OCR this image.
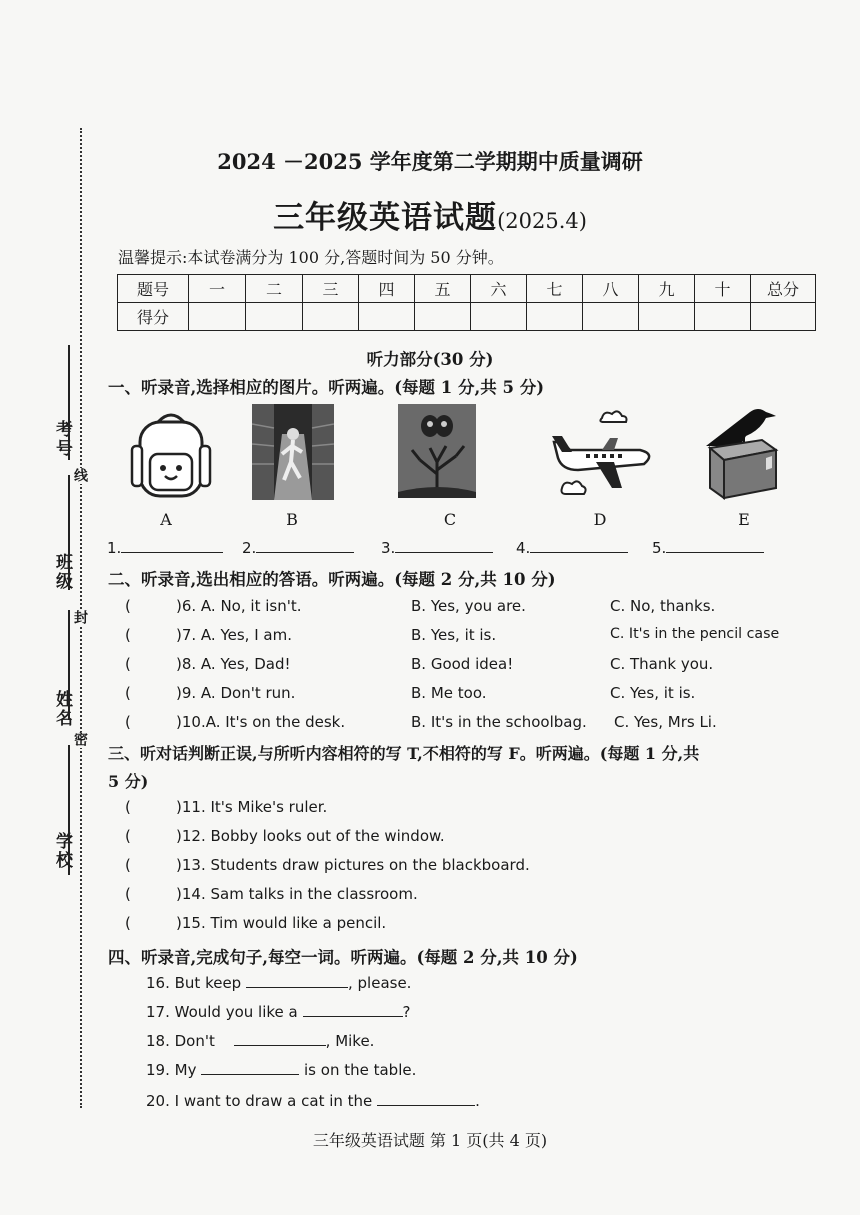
考号
班级
姓名
学校
线
封
密
2024 －2025 学年度第二学期期中质量调研
三年级英语试题(2025.4)
温馨提示:本试卷满分为 100 分,答题时间为 50 分钟。
题号	一	二	三	四	五	六	七	八	九	十	总分
得分											
听力部分(30 分)
一、听录音,选择相应的图片。听两遍。(每题 1 分,共 5 分)
A	B	C	D	E
1.	2.	3.	4.	5.
二、听录音,选出相应的答语。听两遍。(每题 2 分,共 10 分)
(	)6. A. No, it isn't.	B. Yes, you are.	C. No, thanks.
(	)7. A. Yes, I am.	B. Yes, it is.	C. It's in the pencil case
(	)8. A. Yes, Dad!	B. Good idea!	C. Thank you.
(	)9. A. Don't run.	B. Me too.	C. Yes, it is.
(	)10.A. It's on the desk.	B. It's in the schoolbag. C. Yes, Mrs Li.
三、听对话判断正误,与所听内容相符的写 T,不相符的写 F。听两遍。(每题 1 分,共
5 分)
(	)11. It's Mike's ruler.
(	)12. Bobby looks out of the window.
(	)13. Students draw pictures on the blackboard.
(	)14. Sam talks in the classroom.
(	)15. Tim would like a pencil.
四、听录音,完成句子,每空一词。听两遍。(每题 2 分,共 10 分)
16. But keep	, please.
17. Would you like a	?
18. Don't	, Mike.
19. My	is on the table.
20. I want to draw a cat in the	.
三年级英语试题 第 1 页(共 4 页)
